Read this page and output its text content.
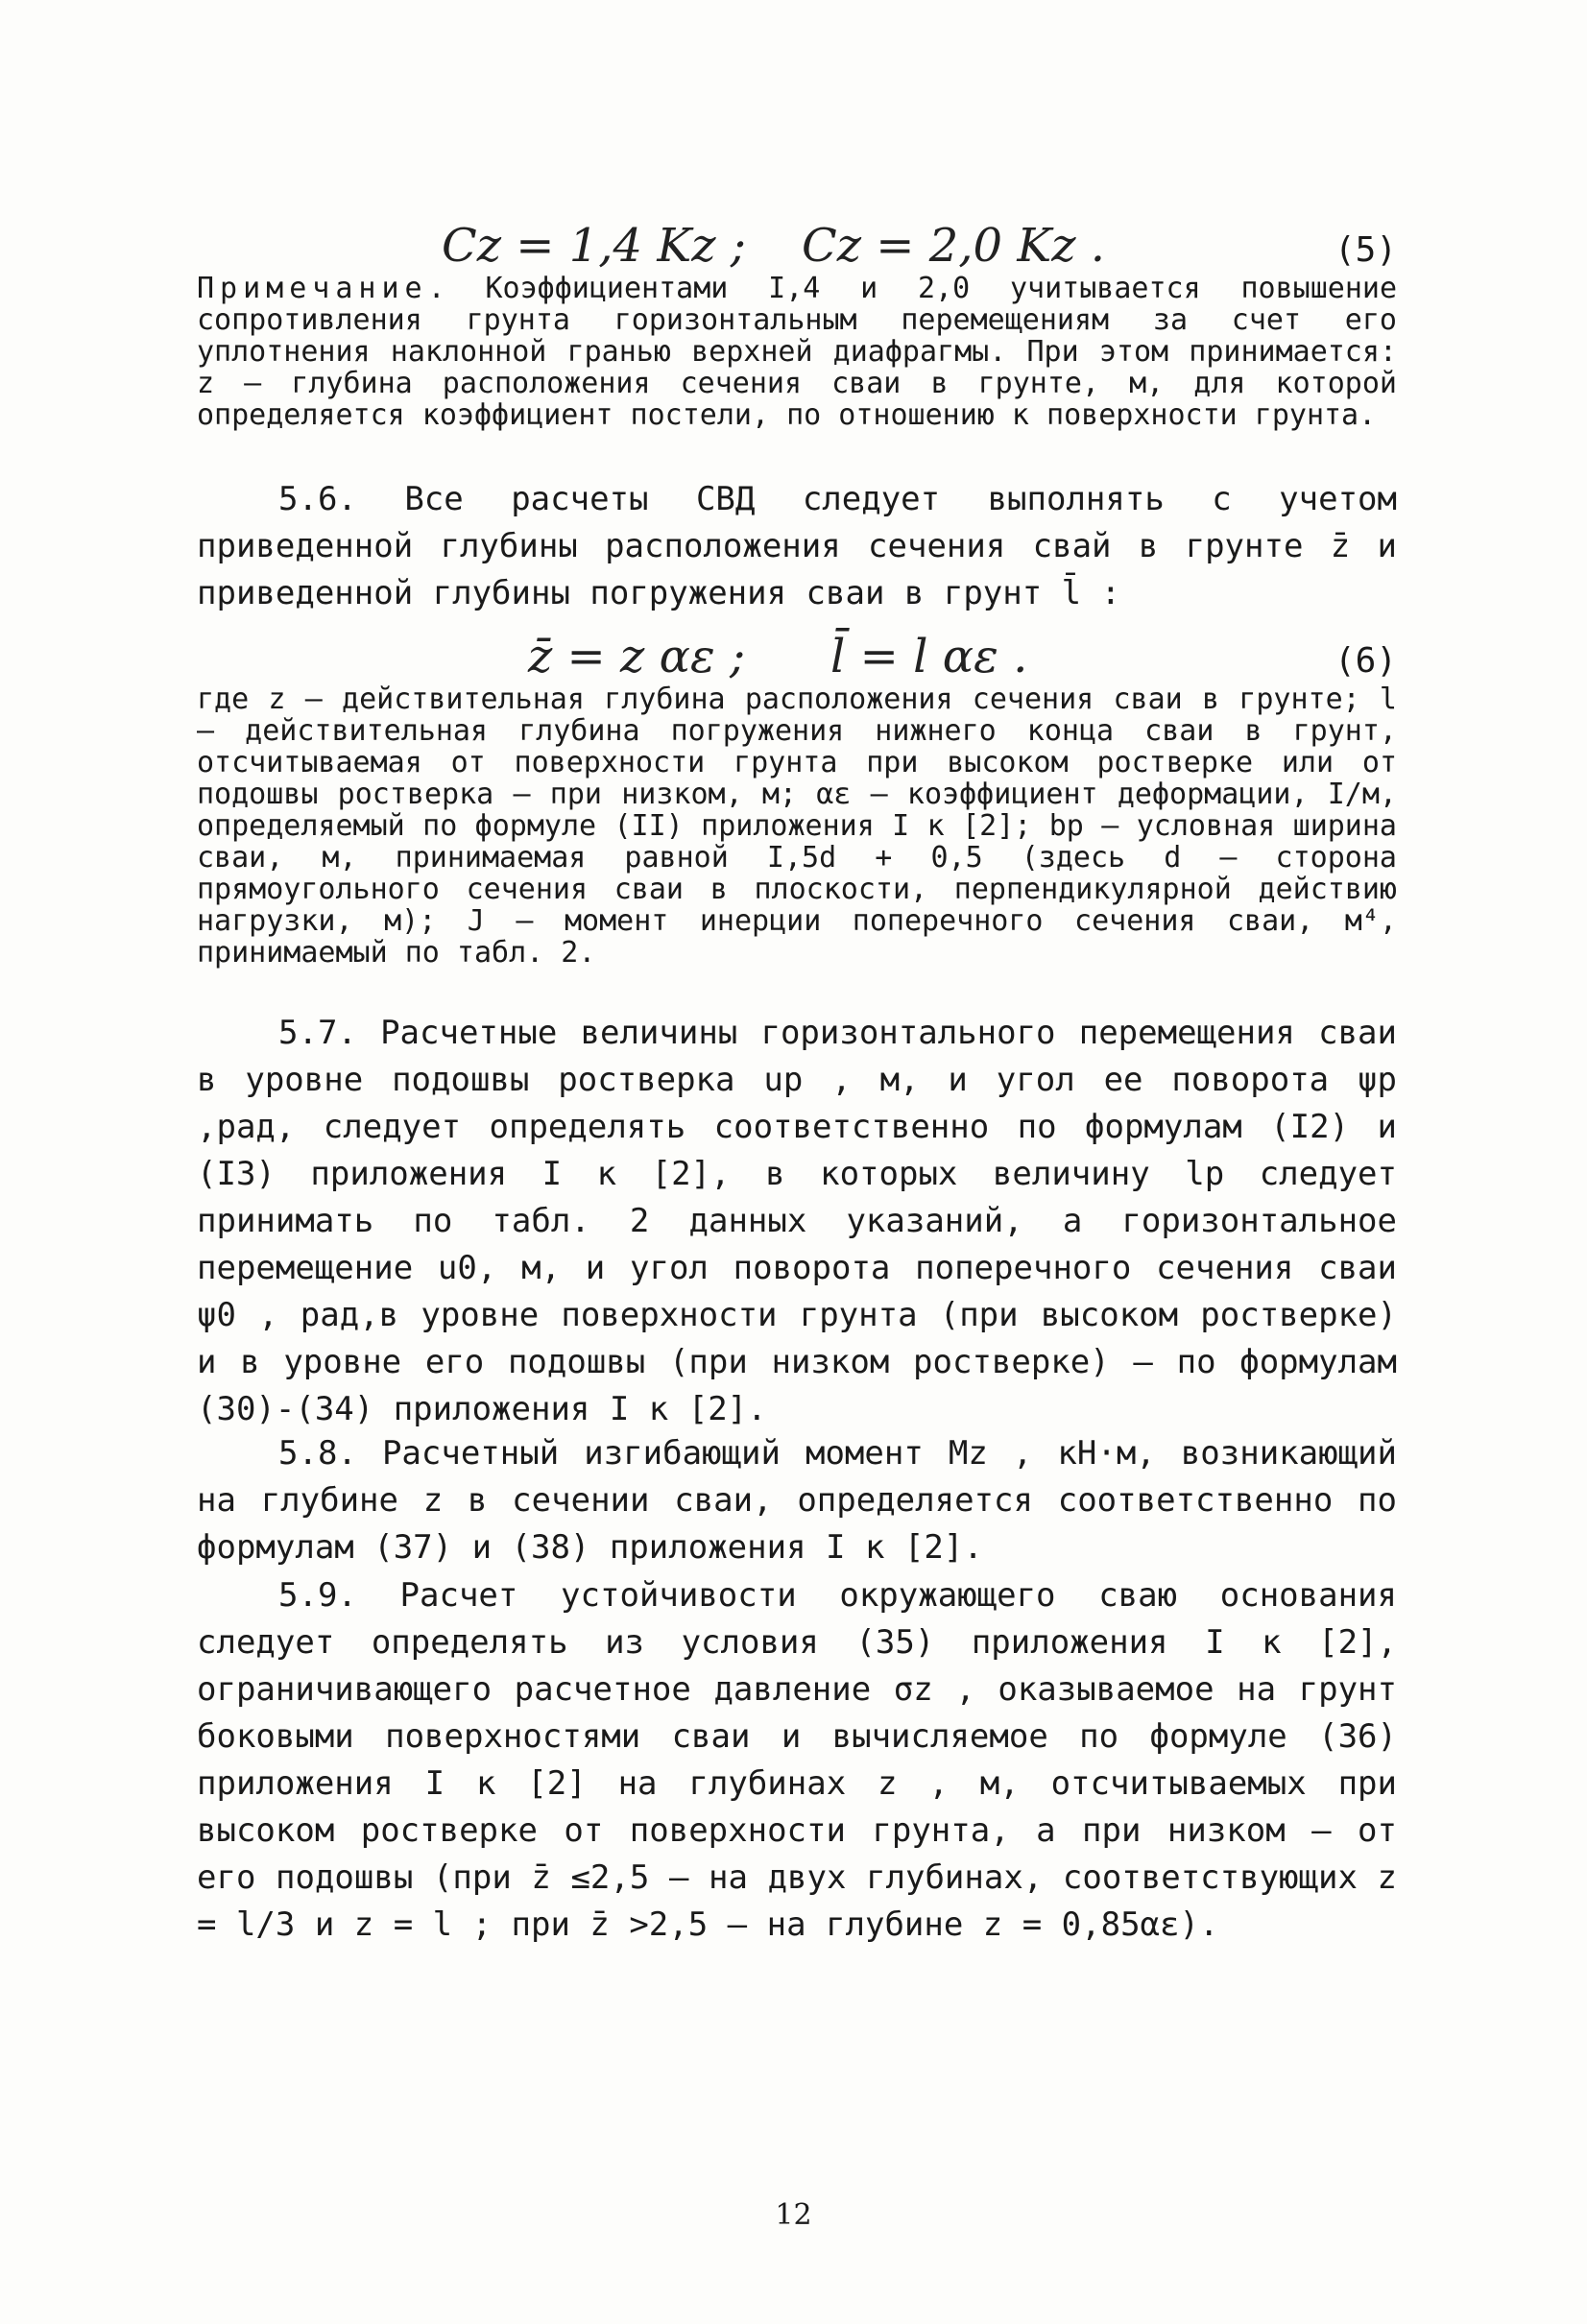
Cz = 1,4 Kz ; Cz = 2,0 Kz .	(5)

Примечание. Коэффициентами I,4 и 2,0 учитывается повышение сопротивления грунта горизонтальным перемещениям за счет его уплотнения наклонной гранью верхней диафрагмы. При этом принимается: z – глубина расположения сечения сваи в грунте, м, для которой определяется коэффициент постели, по отношению к поверхности грунта.

5.6. Все расчеты СВД следует выполнять с учетом приведенной глубины расположения сечения свай в грунте z̄ и приведенной глубины погружения сваи в грунт l̄ :

z̄ = z αε ; l̄ = l αε .	(6)

где z – действительная глубина расположения сечения сваи в грунте; l – действительная глубина погружения нижнего конца сваи в грунт, отсчитываемая от поверхности грунта при высоком ростверке или от подошвы ростверка – при низком, м; αε – коэффициент деформации, I/м, определяемый по формуле (II) приложения I к [2]; bp – условная ширина сваи, м, принимаемая равной I,5d + 0,5 (здесь d – сторона прямоугольного сечения сваи в плоскости, перпендикулярной действию нагрузки, м); J – момент инерции поперечного сечения сваи, м⁴, принимаемый по табл. 2.

5.7. Расчетные величины горизонтального перемещения сваи в уровне подошвы ростверка up , м, и угол ее поворота ψp ,рад, следует определять соответственно по формулам (I2) и (I3) приложения I к [2], в которых величину lp следует принимать по табл. 2 данных указаний, а горизонтальное перемещение u0, м, и угол поворота поперечного сечения сваи ψ0 , рад,в уровне поверхности грунта (при высоком ростверке) и в уровне его подошвы (при низком ростверке) – по формулам (30)-(34) приложения I к [2].

5.8. Расчетный изгибающий момент Mz , кН·м, возникающий на глубине z в сечении сваи, определяется соответственно по формулам (37) и (38) приложения I к [2].

5.9. Расчет устойчивости окружающего сваю основания следует определять из условия (35) приложения I к [2], ограничивающего расчетное давление σz , оказываемое на грунт боковыми поверхностями сваи и вычисляемое по формуле (36) приложения I к [2] на глубинах z , м, отсчитываемых при высоком ростверке от поверхности грунта, а при низком – от его подошвы (при z̄ ≤2,5 – на двух глубинах, соответствующих z = l/3 и z = l ; при z̄ >2,5 – на глубине z = 0,85αε).

12
